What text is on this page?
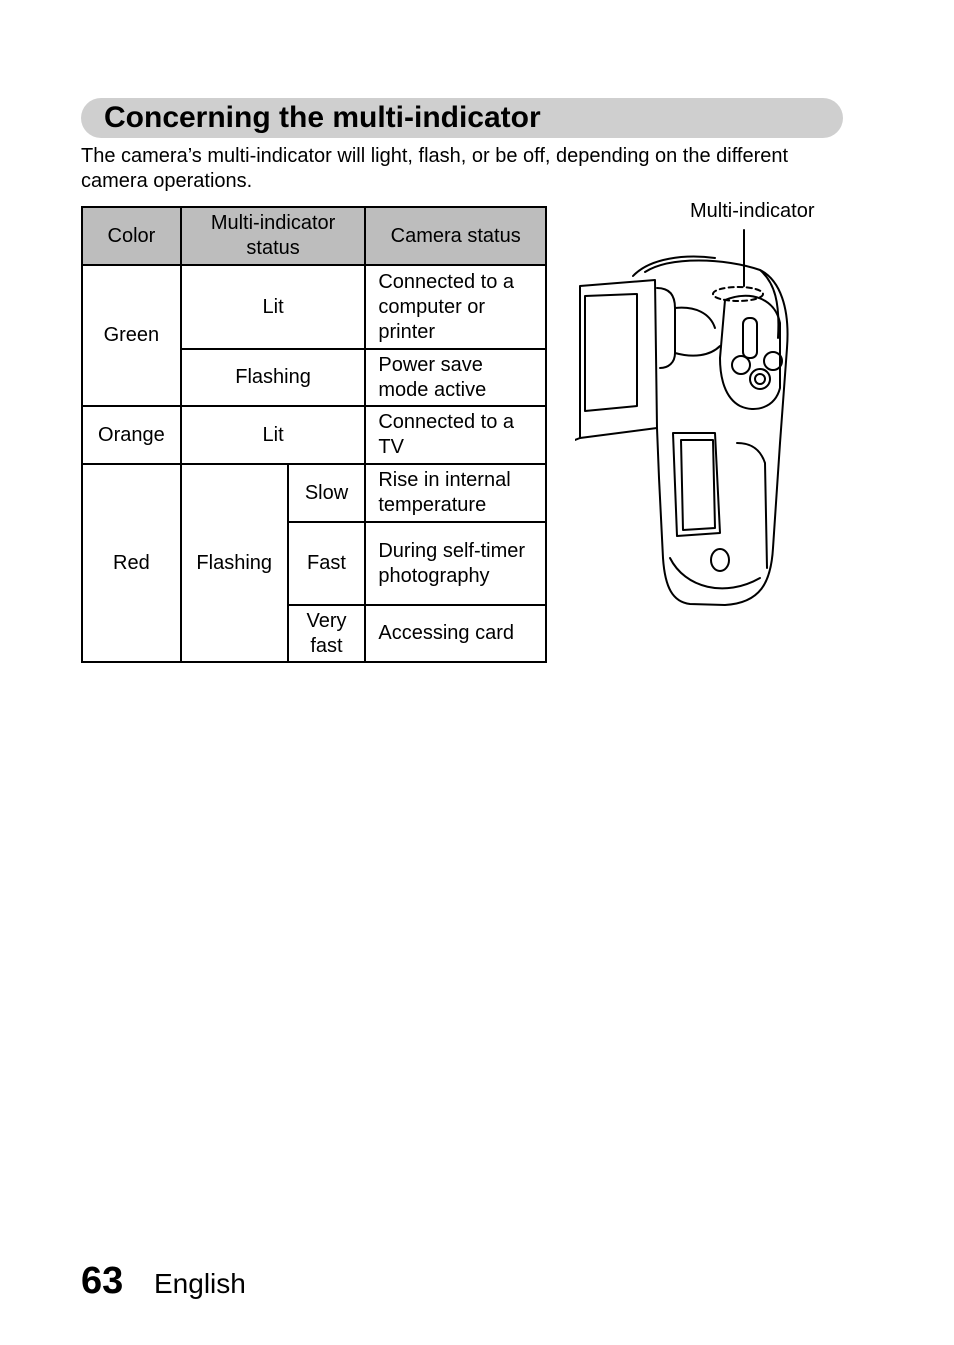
Concerning the multi-indicator

The camera’s multi-indicator will light, flash, or be off, depending on the different camera operations.

Color	Multi-indicator status		Camera status
Green	Lit		Connected to a computer or printer
	Flashing		Power save mode active
Orange	Lit		Connected to a TV
Red	Flashing	Slow	Rise in internal temperature
		Fast	During self-timer photography
		Very fast	Accessing card
Multi-indicator
63 English
